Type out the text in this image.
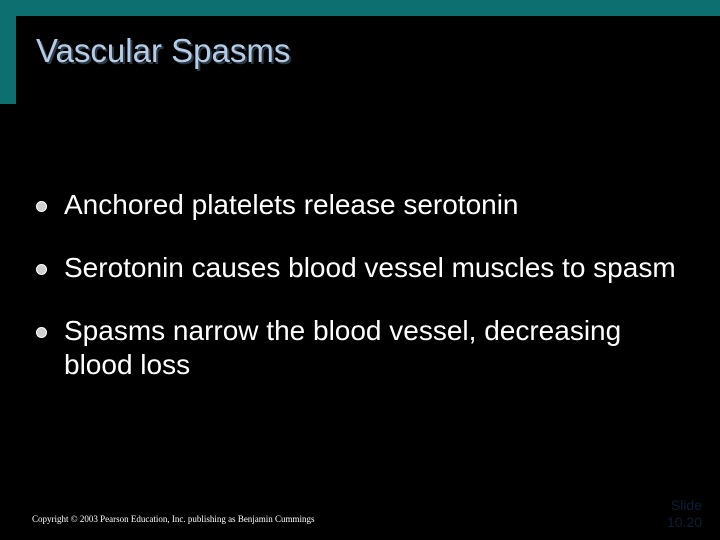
Vascular Spasms
Anchored platelets release serotonin
Serotonin causes blood vessel muscles to spasm
Spasms narrow the blood vessel, decreasing blood loss
Copyright © 2003 Pearson Education, Inc. publishing as Benjamin Cummings
Slide
10.20
